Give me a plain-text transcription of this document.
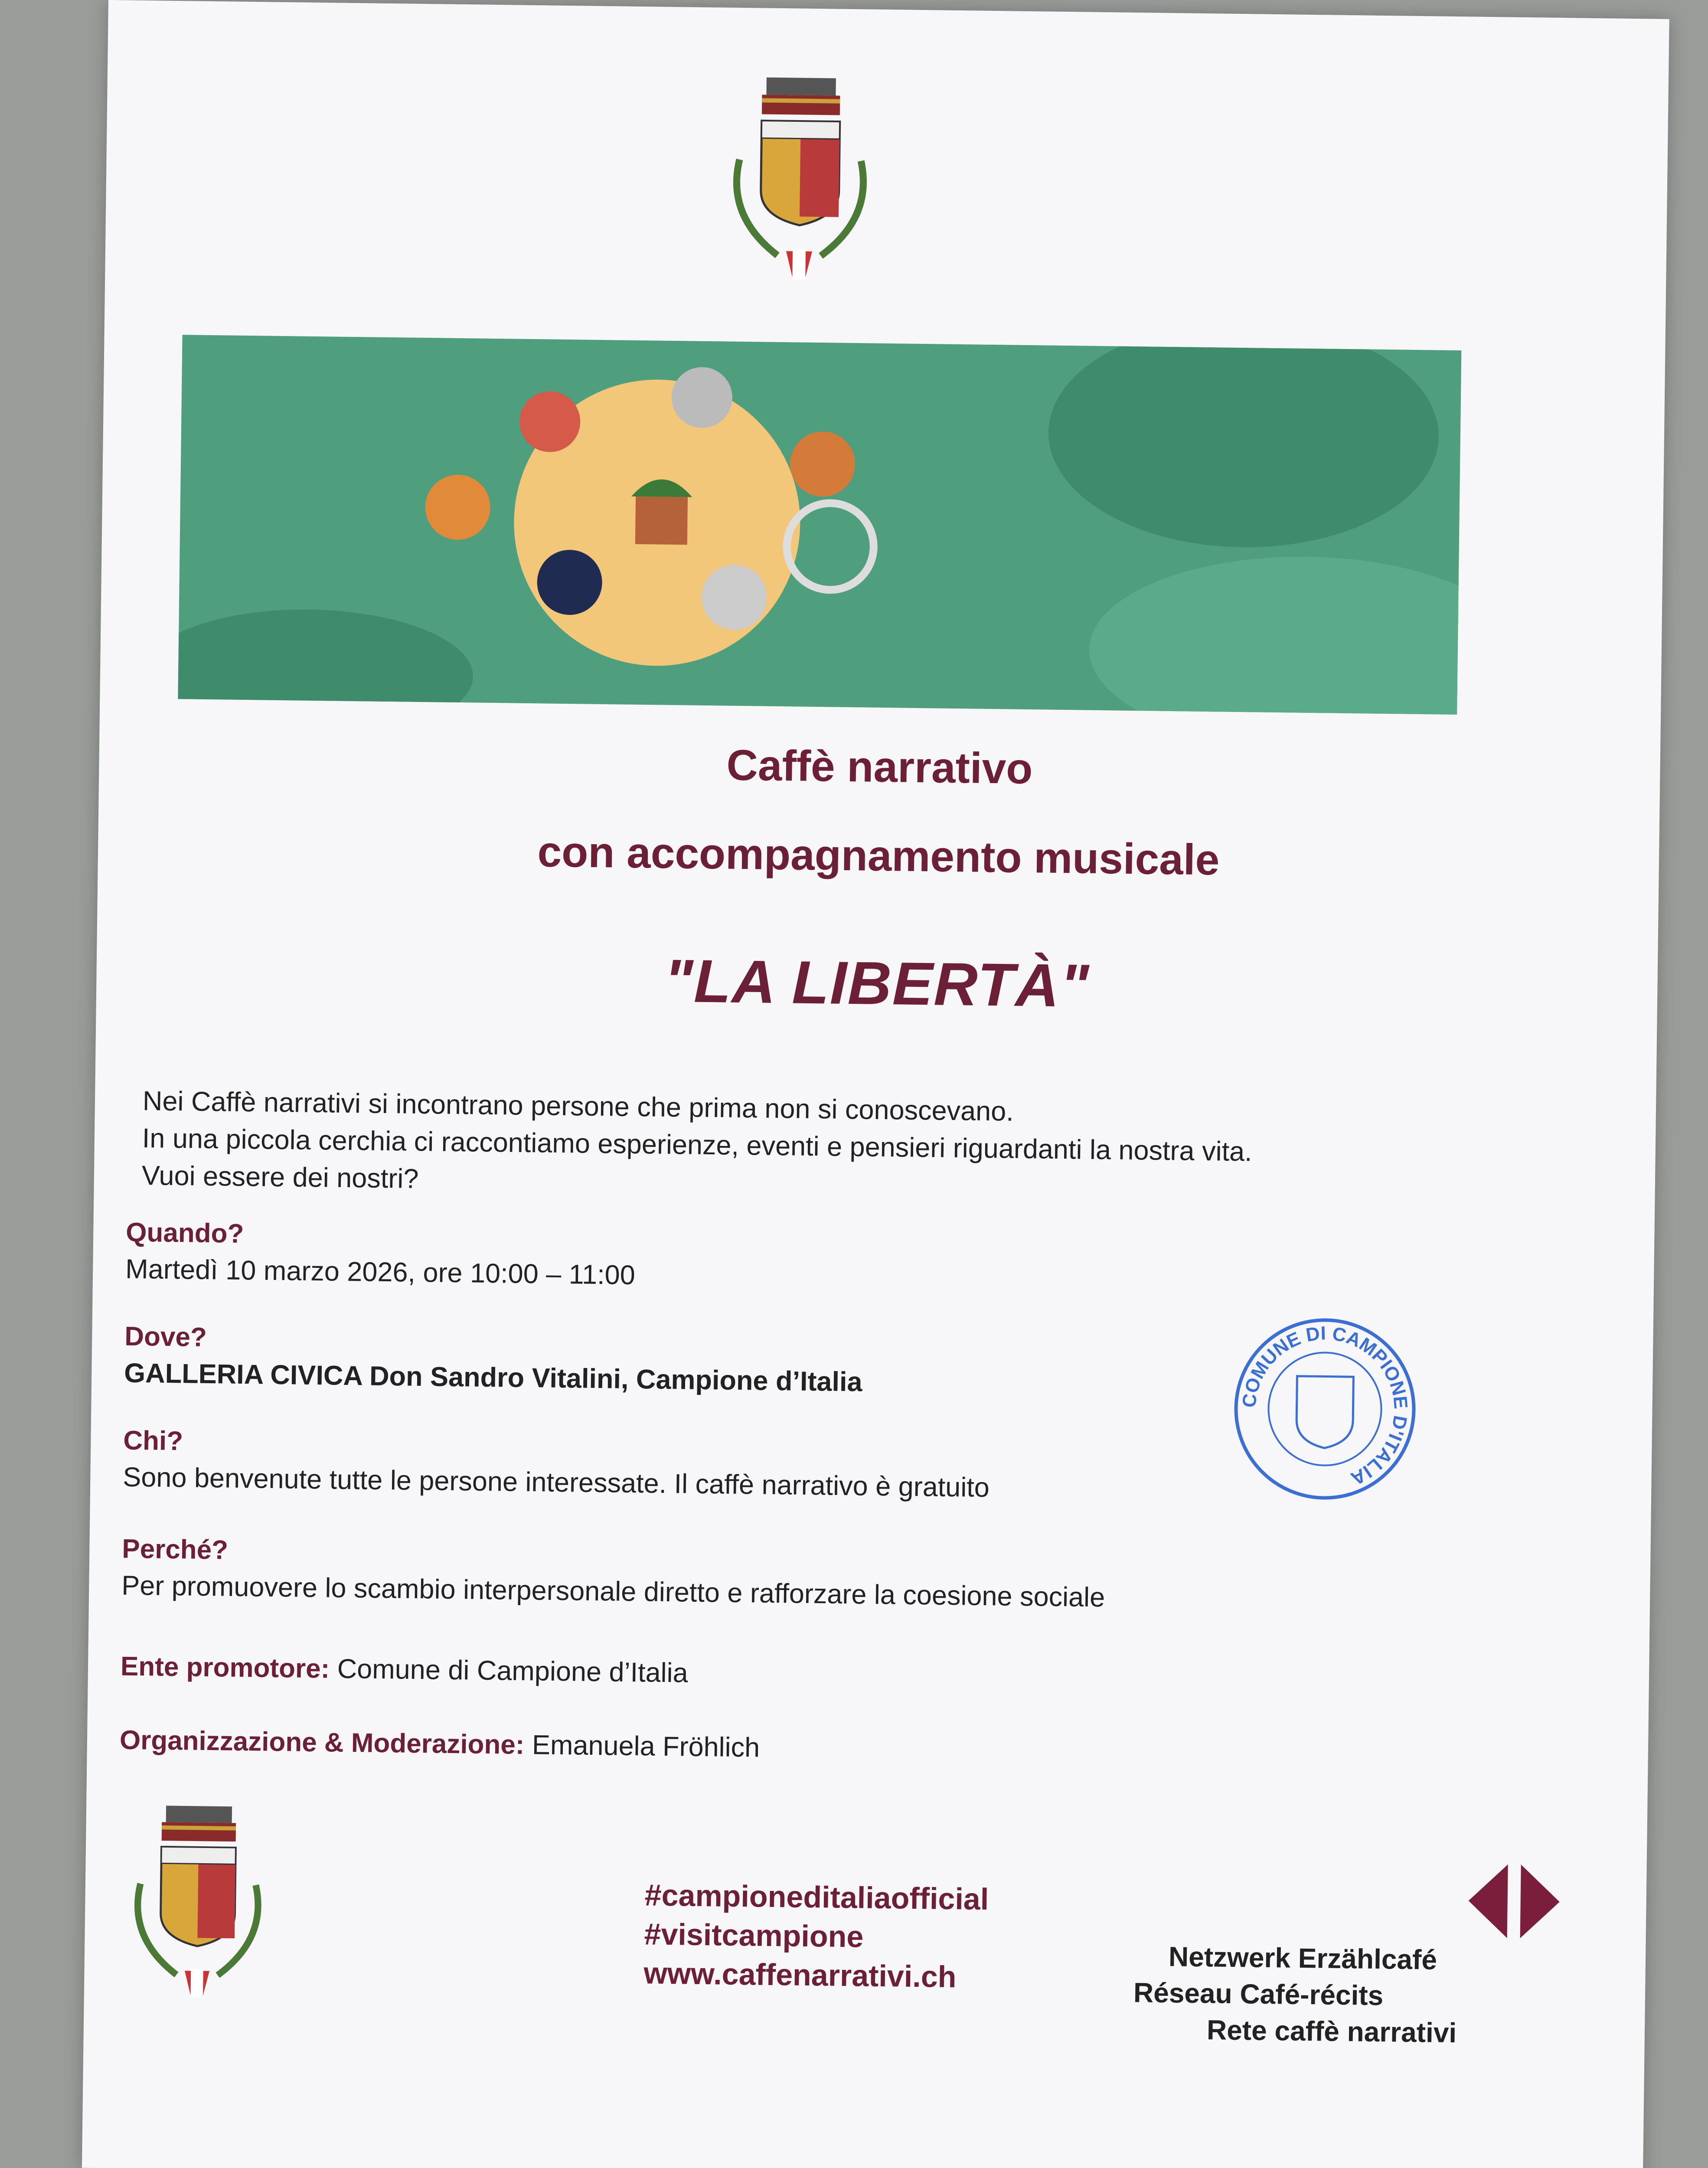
Caffè narrativo
con accompagnamento musicale
"LA LIBERTÀ"

Nei Caffè narrativi si incontrano persone che prima non si conoscevano.

In una piccola cerchia ci raccontiamo esperienze, eventi e pensieri riguardanti la nostra vita.

Vuoi essere dei nostri?

Quando?
Martedì 10 marzo 2026, ore 10:00 – 11:00
Dove?
GALLERIA CIVICA Don Sandro Vitalini, Campione d’Italia
Chi?
Sono benvenute tutte le persone interessate. Il caffè narrativo è gratuito
Perché?
Per promuovere lo scambio interpersonale diretto e rafforzare la coesione sociale
Ente promotore: Comune di Campione d’Italia
Organizzazione & Moderazione: Emanuela Fröhlich
COMUNE DI CAMPIONE D'ITALIA
#campioneditaliaofficial
#visitcampione
www.caffenarrativi.ch	Netzwerk Erzählcafé
Réseau Café-récits
Rete caffè narrativi
